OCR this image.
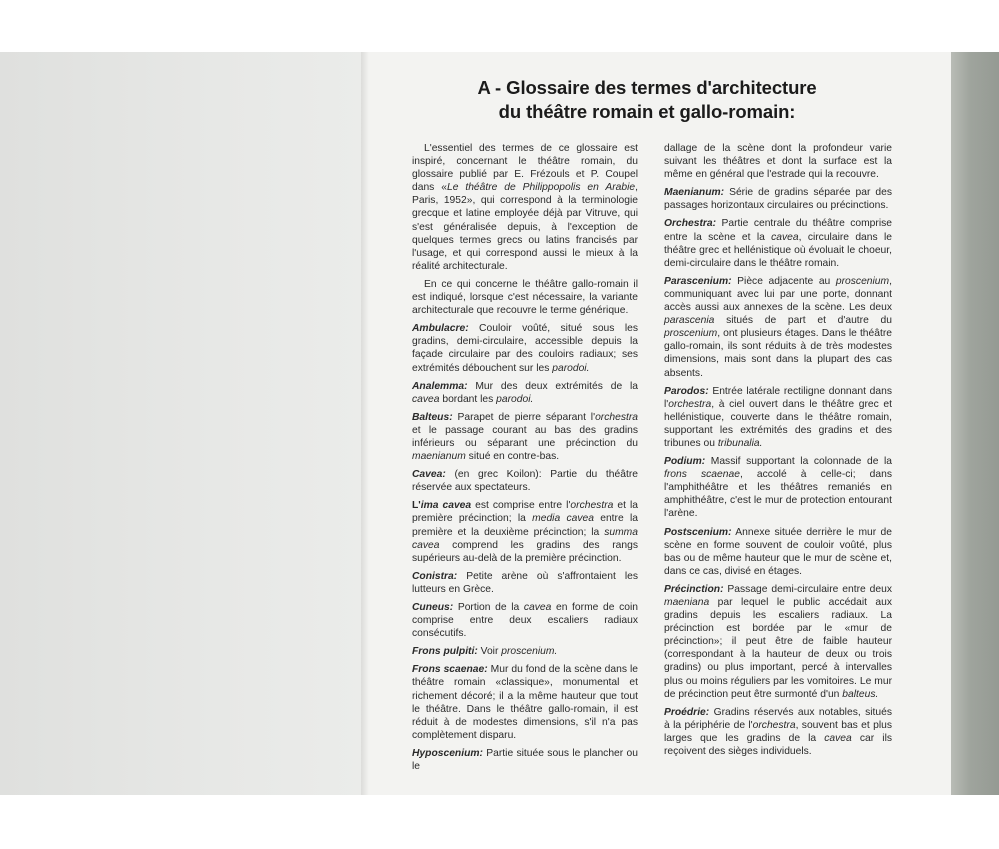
A - Glossaire des termes d'architecture
du théâtre romain et gallo-romain:

L'essentiel des termes de ce glossaire est inspiré, concernant le théâtre romain, du glossaire publié par E. Frézouls et P. Coupel dans «Le théâtre de Philippopolis en Arabie, Paris, 1952», qui correspond à la terminologie grecque et latine employée déjà par Vitruve, qui s'est généralisée depuis, à l'exception de quelques termes grecs ou latins francisés par l'usage, et qui correspond aussi le mieux à la réalité architecturale.

En ce qui concerne le théâtre gallo-romain il est indiqué, lorsque c'est nécessaire, la variante architecturale que recouvre le terme générique.

Ambulacre: Couloir voûté, situé sous les gradins, demi-circulaire, accessible depuis la façade circulaire par des couloirs radiaux; ses extrémités débouchent sur les parodoi.

Analemma: Mur des deux extrémités de la cavea bordant les parodoi.

Balteus: Parapet de pierre séparant l'orchestra et le passage courant au bas des gradins inférieurs ou séparant une précinction du maenianum situé en contre-bas.

Cavea: (en grec Koilon): Partie du théâtre réservée aux spectateurs.

L'ima cavea est comprise entre l'orchestra et la première précinction; la media cavea entre la première et la deuxième précinction; la summa cavea comprend les gradins des rangs supérieurs au-delà de la première précinction.

Conistra: Petite arène où s'affrontaient les lutteurs en Grèce.

Cuneus: Portion de la cavea en forme de coin comprise entre deux escaliers radiaux consécutifs.

Frons pulpiti: Voir proscenium.

Frons scaenae: Mur du fond de la scène dans le théâtre romain «classique», monumental et richement décoré; il a la même hauteur que tout le théâtre. Dans le théâtre gallo-romain, il est réduit à de modestes dimensions, s'il n'a pas complètement disparu.

Hyposcenium: Partie située sous le plancher ou le

dallage de la scène dont la profondeur varie suivant les théâtres et dont la surface est la même en général que l'estrade qui la recouvre.

Maenianum: Série de gradins séparée par des passages horizontaux circulaires ou précinctions.

Orchestra: Partie centrale du théâtre comprise entre la scène et la cavea, circulaire dans le théâtre grec et hellénistique où évoluait le choeur, demi-circulaire dans le théâtre romain.

Parascenium: Pièce adjacente au proscenium, communiquant avec lui par une porte, donnant accès aussi aux annexes de la scène. Les deux parascenia situés de part et d'autre du proscenium, ont plusieurs étages. Dans le théâtre gallo-romain, ils sont réduits à de très modestes dimensions, mais sont dans la plupart des cas absents.

Parodos: Entrée latérale rectiligne donnant dans l'orchestra, à ciel ouvert dans le théâtre grec et hellénistique, couverte dans le théâtre romain, supportant les extrémités des gradins et des tribunes ou tribunalia.

Podium: Massif supportant la colonnade de la frons scaenae, accolé à celle-ci; dans l'amphithéâtre et les théâtres remaniés en amphithéâtre, c'est le mur de protection entourant l'arène.

Postscenium: Annexe située derrière le mur de scène en forme souvent de couloir voûté, plus bas ou de même hauteur que le mur de scène et, dans ce cas, divisé en étages.

Précinction: Passage demi-circulaire entre deux maeniana par lequel le public accédait aux gradins depuis les escaliers radiaux. La précinction est bordée par le «mur de précinction»; il peut être de faible hauteur (correspondant à la hauteur de deux ou trois gradins) ou plus important, percé à intervalles plus ou moins réguliers par les vomitoires. Le mur de précinction peut être surmonté d'un balteus.

Proédrie: Gradins réservés aux notables, situés à la périphérie de l'orchestra, souvent bas et plus larges que les gradins de la cavea car ils reçoivent des sièges individuels.
